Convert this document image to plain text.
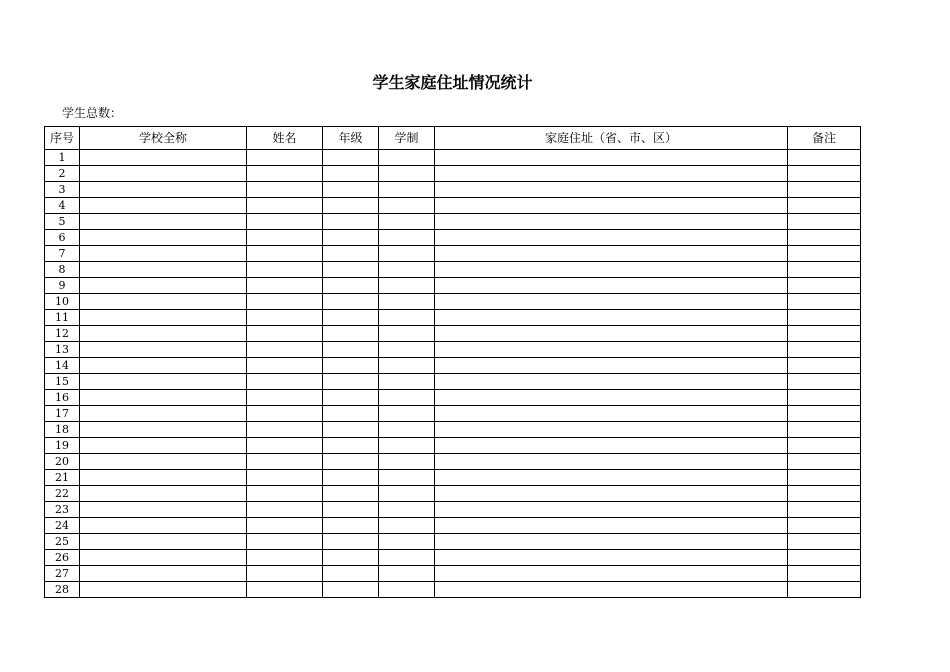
学生家庭住址情况统计
学生总数：
序号	学校全称	姓名	年级	学制	家庭住址（省、市、区）	备注
1						
2						
3						
4						
5						
6						
7						
8						
9						
10						
11						
12						
13						
14						
15						
16						
17						
18						
19						
20						
21						
22						
23						
24						
25						
26						
27						
28						
